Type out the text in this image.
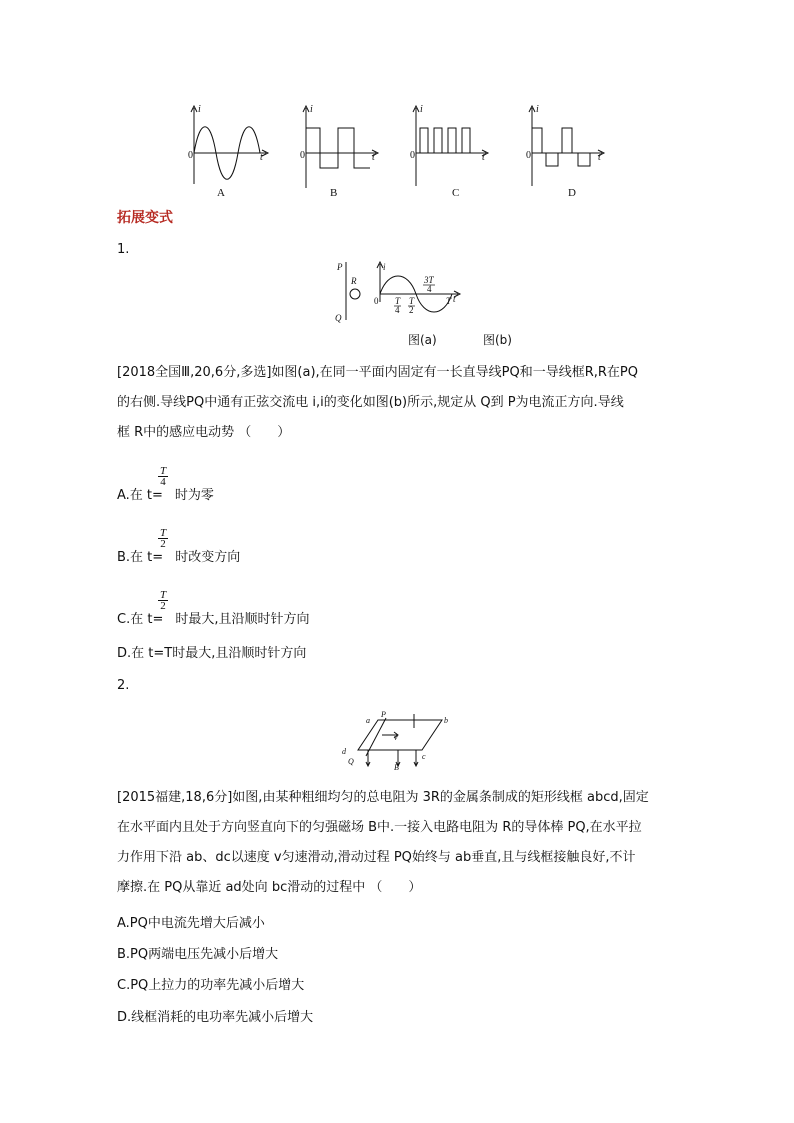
i
0	t
i
0	t
i
0	t
i
0	t
A	B	C	D
拓展变式
1.
P
Q
R
i
0 T
4
T
2
3T
4
T t
图(a)	图(b)
[2018全国Ⅲ,20,6分,多选]如图(a),在同一平面内固定有一长直导线PQ和一导线框R,R在PQ
的右侧.导线PQ中通有正弦交流电 i,i的变化如图(b)所示,规定从 Q到 P为电流正方向.导线
框 R中的感应电动势 （　　）
$\frac{T}{4}$
A.在 t= 时为零
$\frac{T}{2}$
B.在 t= 时改变方向
$\frac{T}{2}$
C.在 t= 时最大,且沿顺时针方向
D.在 t=T时最大,且沿顺时针方向
2.
a	b
c
d
P
Q
v
B
[2015福建,18,6分]如图,由某种粗细均匀的总电阻为 3R的金属条制成的矩形线框 abcd,固定
在水平面内且处于方向竖直向下的匀强磁场 B中.一接入电路电阻为 R的导体棒 PQ,在水平拉
力作用下沿 ab、dc以速度 v匀速滑动,滑动过程 PQ始终与 ab垂直,且与线框接触良好,不计
摩擦.在 PQ从靠近 ad处向 bc滑动的过程中 （　　）
A.PQ中电流先增大后减小
B.PQ两端电压先减小后增大
C.PQ上拉力的功率先减小后增大
D.线框消耗的电功率先减小后增大
